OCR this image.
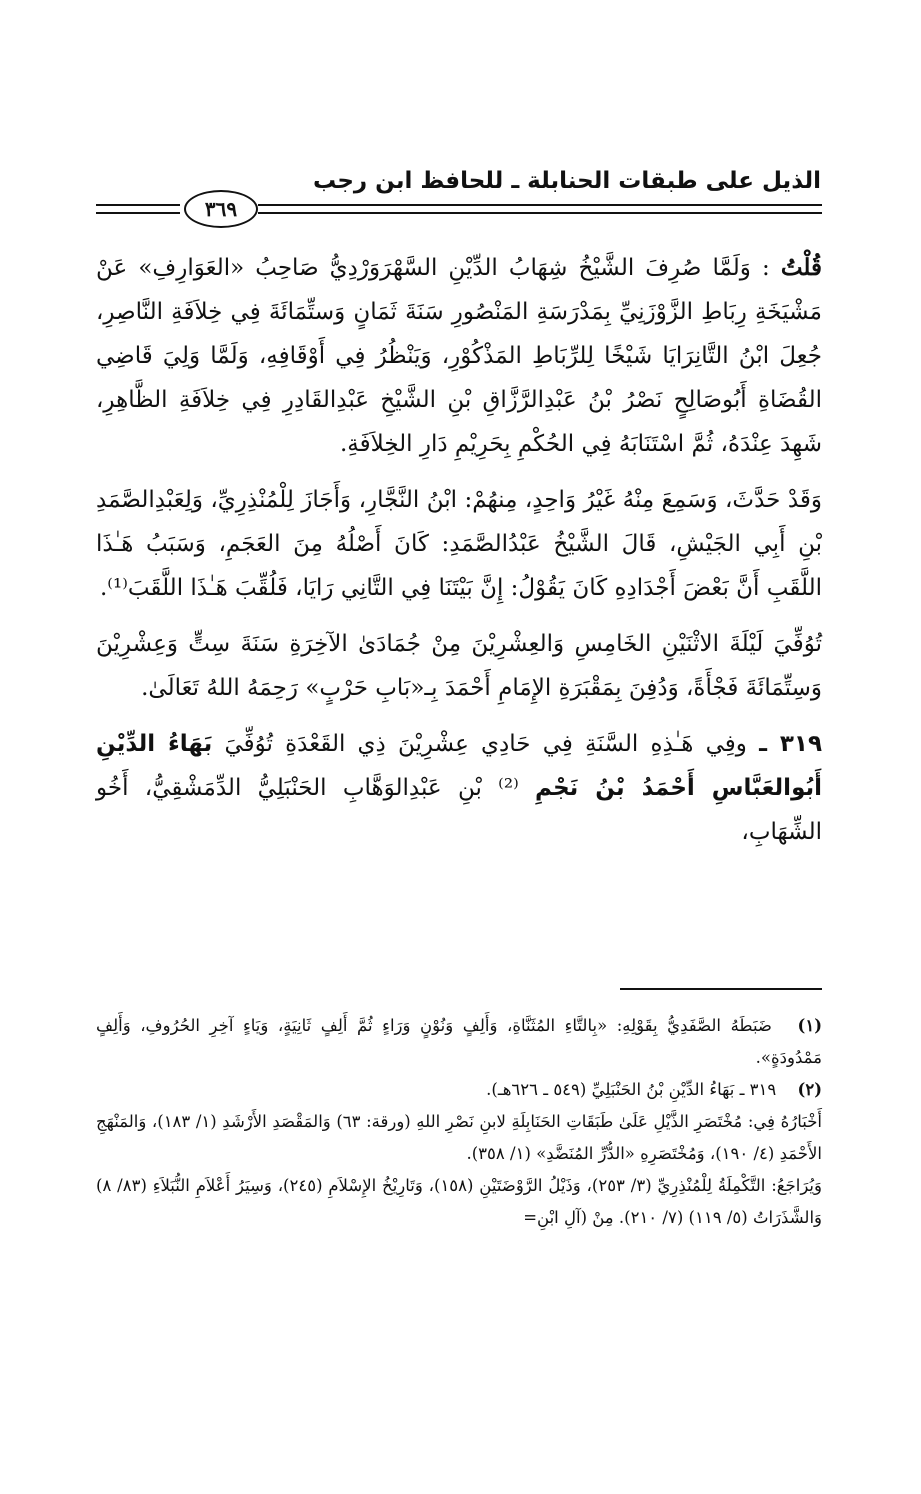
الذيل على طبقات الحنابلة ـ للحافظ ابن رجب
٣٦٩

قُلْتُ : وَلَمَّا صُرِفَ الشَّيْخُ شِهَابُ الدِّيْنِ السَّهْرَوَرْدِيُّ صَاحِبُ «العَوَارِفِ» عَنْ مَشْيَخَةِ رِبَاطِ الزَّوْزَنِيِّ بِمَدْرَسَةِ المَنْصُورِ سَنَةَ ثَمَانٍ وَستِّمَائَةَ فِي خِلاَفَةِ النَّاصِرِ، جُعِلَ ابْنُ التَّانِرَايَا شَيْخًا لِلرِّبَاطِ المَذْكُوْرِ، وَيَنْظُرُ فِي أَوْقَافِهِ، وَلَمَّا وَلِيَ قَاضِي القُضَاةِ أَبُوصَالِحٍ نَصْرُ بْنُ عَبْدِالرَّزَّاقِ بْنِ الشَّيْخِ عَبْدِالقَادِرِ فِي خِلاَفَةِ الظَّاهِرِ، شَهِدَ عِنْدَهُ، ثُمَّ اسْتَنَابَهُ فِي الحُكْمِ بِحَرِيْمِ دَارِ الخِلاَفَةِ.

وَقَدْ حَدَّثَ، وَسَمِعَ مِنْهُ غَيْرُ وَاحِدٍ، مِنهُمْ: ابْنُ النَّجَّارِ، وَأَجَازَ لِلْمُنْذِرِيِّ، وَلِعَبْدِالصَّمَدِ بْنِ أَبِي الجَيْشِ، قَالَ الشَّيْخُ عَبْدُالصَّمَدِ: كَانَ أَصْلُهُ مِنَ العَجَمِ، وَسَبَبُ هَـٰذَا اللَّقَبِ أَنَّ بَعْضَ أَجْدَادِهِ كَانَ يَقُوْلُ: إِنَّ بَيْتَنَا فِي التَّانِي رَايَا، فَلُقِّبَ هَـٰذَا اللَّقَبَ⁽¹⁾.

تُوُفِّيَ لَيْلَةَ الاثْنَيْنِ الخَامِسِ وَالعِشْرِيْنَ مِنْ جُمَادَىٰ الآخِرَةِ سَنَةَ سِتٍّ وَعِشْرِيْنَ وَسِتِّمَائَةَ فَجْأَةً، وَدُفِنَ بِمَقْبَرَةِ الإِمَامِ أَحْمَدَ بِـ«بَابِ حَرْبٍ» رَحِمَهُ اللهُ تَعَالَىٰ.

٣١٩ ـ وفِي هَـٰذِهِ السَّنَةِ فِي حَادِي عِشْرِيْنَ ذِي القَعْدَةِ تُوُفِّيَ بَهَاءُ الدِّيْنِ أَبُوالعَبَّاسِ أَحْمَدُ بْنُ نَجْمِ ⁽²⁾ بْنِ عَبْدِالوَهَّابِ الحَنْبَلِيُّ الدِّمَشْقِيُّ، أَخُو الشِّهَابِ،

(١) ضَبَطَهُ الصَّفَدِيُّ بِقَوْلِهِ: «بِالتَّاءِ المُثَنَّاةِ، وَأَلِفٍ وَنُوْنٍ وَرَاءٍ ثُمَّ أَلِفٍ ثَانِيَةٍ، وَيَاءٍ آخِرِ الحُرُوفِ، وَأَلِفٍ مَمْدُودَةٍ».

(٢) ٣١٩ ـ بَهَاءُ الدِّيْنِ بْنُ الحَنْبَلِيِّ (٥٤٩ ـ ٦٢٦هـ).

أَخْبَارُهُ فِي: مُخْتَصَرِ الذَّيْلِ عَلَىٰ طَبَقَاتِ الحَنَابِلَةِ لابنِ نَصْرِ اللهِ (ورقة: ٦٣) وَالمَقْصَدِ الأَرْشَدِ (١/ ١٨٣)، وَالمَنْهَجِ الأَحْمَدِ (٤/ ١٩٠)، وَمُخْتَصَرِهِ «الدُّرِّ المُنَضَّدِ» (١/ ٣٥٨).

وَيُرَاجَعُ: التَّكْمِلَةُ لِلْمُنْذِرِيِّ (٣/ ٢٥٣)، وَذَيْلُ الرَّوْضَتَيْنِ (١٥٨)، وَتَارِيْخُ الإِسْلاَمِ (٢٤٥)، وَسِيَرُ أَعْلاَمِ النُّبَلاَءِ (٨٣/ ٨) وَالشَّذَرَاتُ (٥/ ١١٩) (٧/ ٢١٠). مِنْ (آلِ ابْنِ=
